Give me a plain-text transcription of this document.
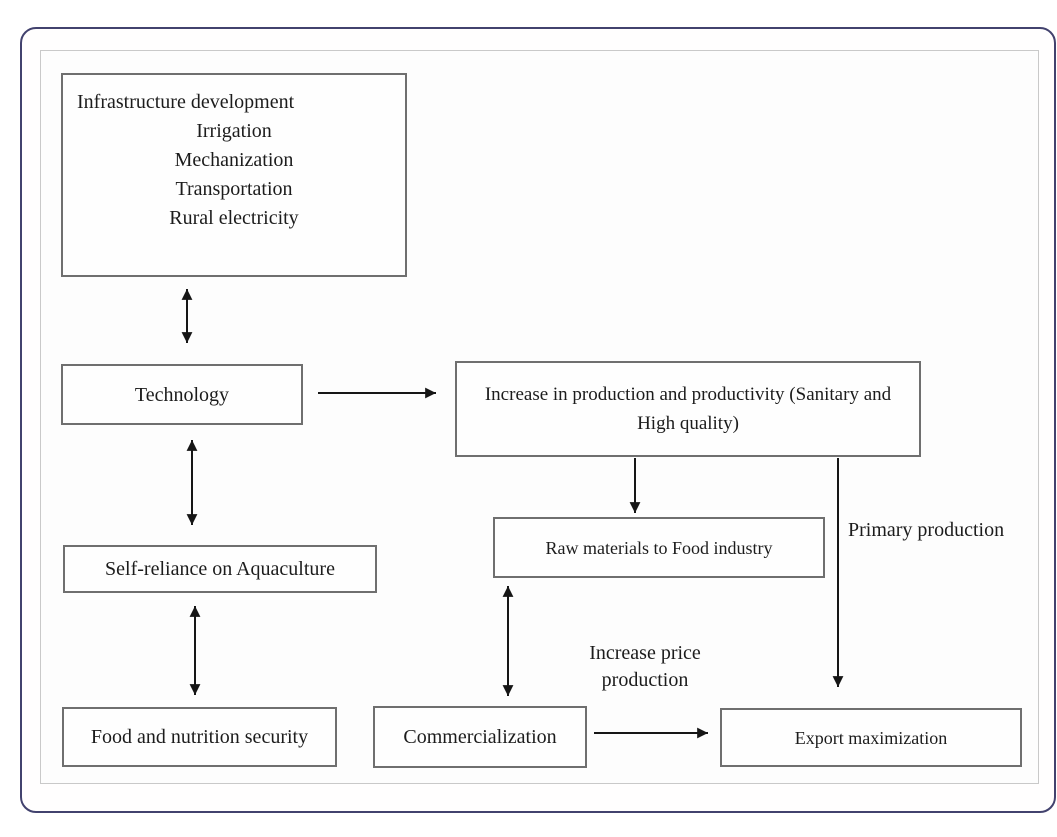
Infrastructure development
Irrigation
Mechanization
Transportation
Rural electricity
Technology	Increase in production and productivity (Sanitary and High quality)
Raw materials to Food industry
Self-reliance on Aquaculture
Food and nutrition security	Commercialization	Export maximization
Primary production
Increase price production
